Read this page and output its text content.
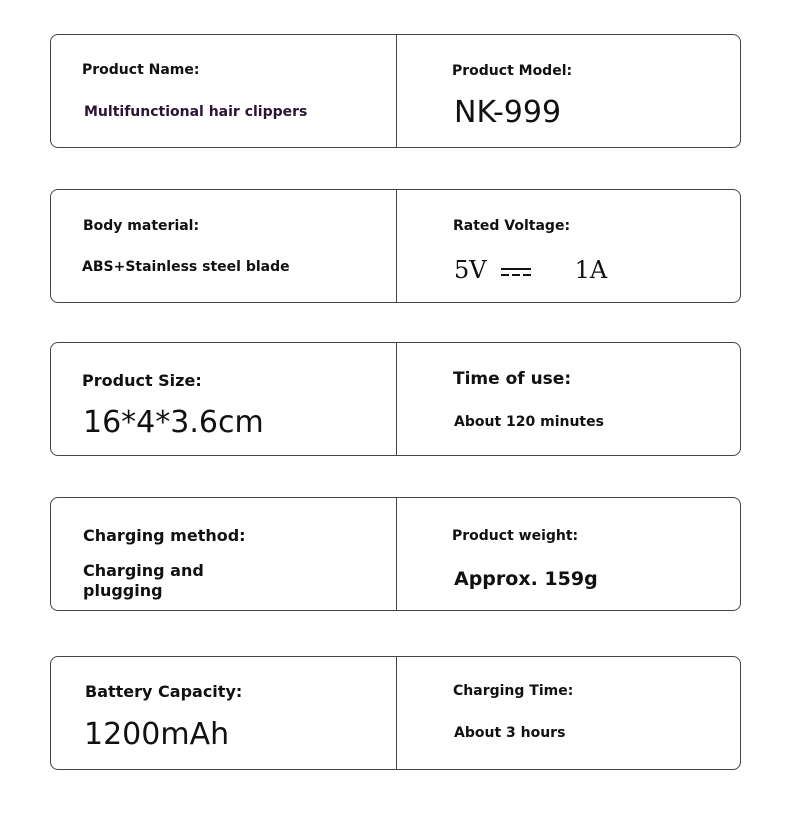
Product Name:
Multifunctional hair clippers
Product Model:
NK-999
Body material:
ABS+Stainless steel blade
Rated Voltage:
5V	1A
Product Size:
16*4*3.6cm
Time of use:
About 120 minutes
Charging method:
Charging and
plugging
Product weight:
Approx. 159g
Battery Capacity:
1200mAh
Charging Time:
About 3 hours
